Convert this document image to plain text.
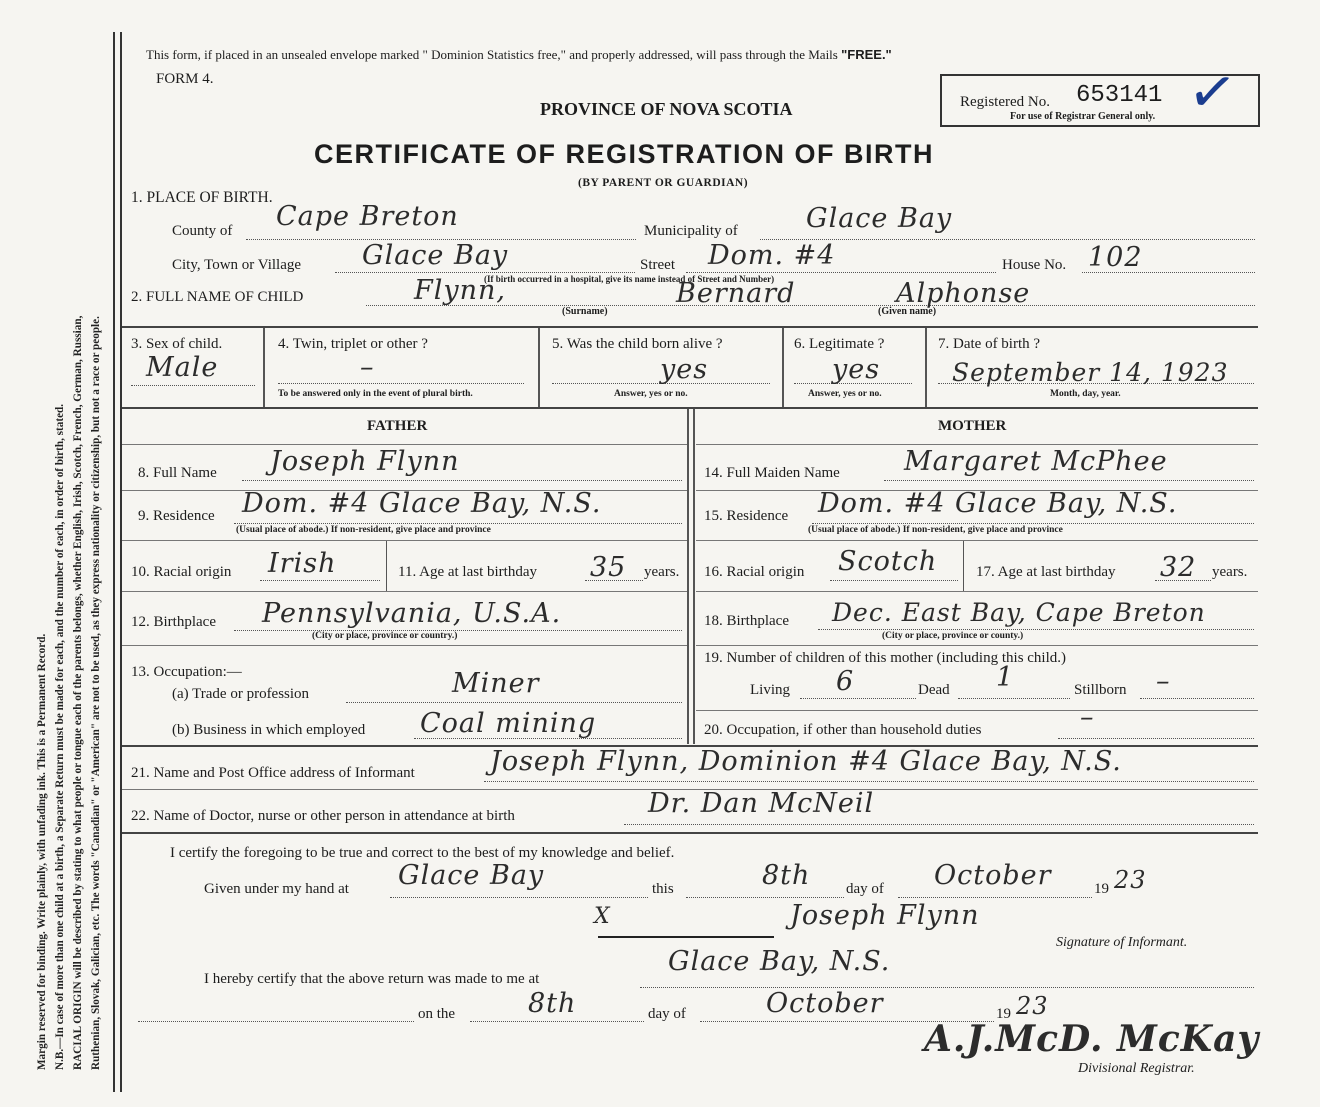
Margin reserved for binding. Write plainly, with unfading ink. This is a Permanent Record. N.B.—In case of more than one child at a birth, a Separate Return must be made for each, and the number of each, in order of birth, stated. RACIAL ORIGIN will be described by stating to what people or tongue each of the parents belongs, whether English, Irish, Scotch, French, German, Russian, Ruthenian, Slovak, Galician, etc. The words "Canadian" or "American" are not to be used, as they express nationality or citizenship, but not a race or people.
This form, if placed in an unsealed envelope marked " Dominion Statistics free," and properly addressed, will pass through the Mails "FREE."
FORM 4.
PROVINCE OF NOVA SCOTIA
CERTIFICATE OF REGISTRATION OF BIRTH
(BY PARENT OR GUARDIAN)
Registered No. 653141
For use of Registrar General only. ✓
1. PLACE OF BIRTH.
County of Cape Breton	Municipality of	Glace Bay
City, Town or Village Glace Bay
(If birth occurred in a hospital, give its name instead of Street and Number)
Street Dom. #4	House No. 102
2. FULL NAME OF CHILD	Flynn,	Bernard	Alphonse
(Surname)	(Given name)
3. Sex of child.
Male
4. Twin, triplet or other ?
–
To be answered only in the event of plural birth.
5. Was the child born alive ?
yes
Answer, yes or no.
6. Legitimate ?
yes
Answer, yes or no.
7. Date of birth ?
September 14, 1923
Month, day, year.
FATHER
8. Full Name Joseph Flynn
9. Residence Dom. #4 Glace Bay, N.S.
(Usual place of abode.) If non-resident, give place and province
10. Racial origin Irish	11. Age at last birthday 35 years.
12. Birthplace Pennsylvania, U.S.A.
(City or place, province or country.)
13. Occupation:—
(a) Trade or profession	Miner
(b) Business in which employed Coal mining
MOTHER
14. Full Maiden Name Margaret McPhee
15. Residence Dom. #4 Glace Bay, N.S.
(Usual place of abode.) If non-resident, give place and province
16. Racial origin Scotch	17. Age at last birthday 32 years.
18. Birthplace Dec. East Bay, Cape Breton
(City or place, province or county.)
19. Number of children of this mother (including this child.)
Living 6	Dead 1	Stillborn –
20. Occupation, if other than household duties	–
21. Name and Post Office address of Informant	Joseph Flynn, Dominion #4 Glace Bay, N.S.
22. Name of Doctor, nurse or other person in attendance at birth	Dr. Dan McNeil
I certify the foregoing to be true and correct to the best of my knowledge and belief.
Given under my hand at Glace Bay	this	8th day of October	19 23
X	Joseph Flynn
Signature of Informant.
I hereby certify that the above return was made to me at
Glace Bay, N.S.
on the	8th	day of	October	19 23
A.J.McD. McKay
Divisional Registrar.
